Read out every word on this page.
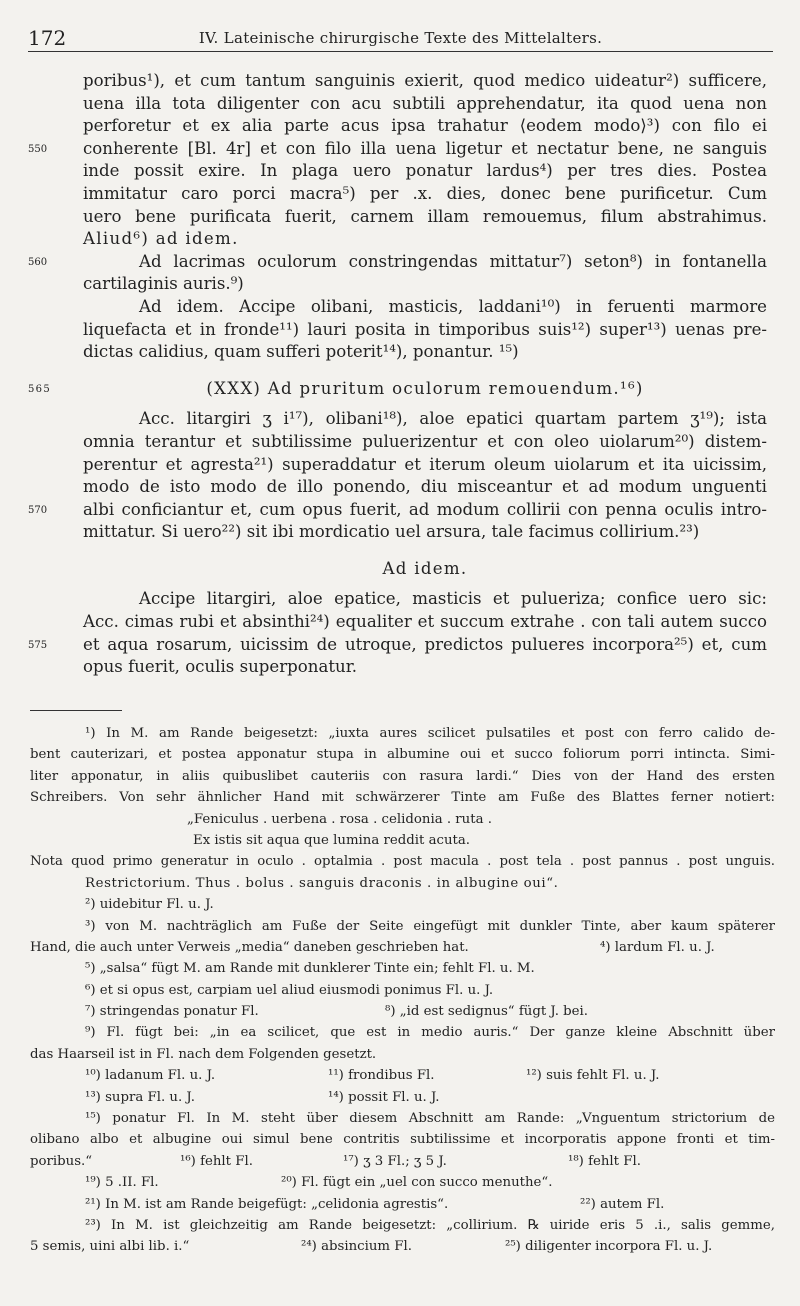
172	IV. Lateinische chirurgische Texte des Mittelalters.
poribus¹), et cum tantum sanguinis exierit, quod medico uideatur²) sufficere,
uena illa tota diligenter con acu subtili apprehendatur, ita quod uena non
perforetur et ex alia parte acus ipsa trahatur ⟨eodem modo⟩³) con filo ei
550 conherente [Bl. 4r] et con filo illa uena ligetur et nectatur bene, ne sanguis
inde possit exire. In plaga uero ponatur lardus⁴) per tres dies. Postea
immitatur caro porci macra⁵) per .x. dies, donec bene purificetur. Cum
uero bene purificata fuerit, carnem illam remouemus, filum abstrahimus.
Aliud⁶) ad idem.
560	Ad lacrimas oculorum constringendas mittatur⁷) seton⁸) in fontanella
cartilaginis auris.⁹)
Ad idem. Accipe olibani, masticis, laddani¹⁰) in feruenti marmore
liquefacta et in fronde¹¹) lauri posita in timporibus suis¹²) super¹³) uenas pre-
dictas calidius, quam sufferi poterit¹⁴), ponantur. ¹⁵)
565	(XXX) Ad pruritum oculorum remouendum.¹⁶)
Acc. litargiri ʒ i¹⁷), olibani¹⁸), aloe epatici quartam partem ʒ¹⁹); ista
omnia terantur et subtilissime puluerizentur et con oleo uiolarum²⁰) distem-
perentur et agresta²¹) superaddatur et iterum oleum uiolarum et ita uicissim,
modo de isto modo de illo ponendo, diu misceantur et ad modum unguenti
570 albi conficiantur et, cum opus fuerit, ad modum collirii con penna oculis intro-
mittatur. Si uero²²) sit ibi mordicatio uel arsura, tale facimus collirium.²³)
Ad idem.
Accipe litargiri, aloe epatice, masticis et pulueriza; confice uero sic:
Acc. cimas rubi et absinthi²⁴) equaliter et succum extrahe . con tali autem succo
575 et aqua rosarum, uicissim de utroque, predictos pulueres incorpora²⁵) et, cum
opus fuerit, oculis superponatur.
¹) In M. am Rande beigesetzt: „iuxta aures scilicet pulsatiles et post con ferro calido de-
bent cauterizari, et postea apponatur stupa in albumine oui et succo foliorum porri intincta. Simi-
liter apponatur, in aliis quibuslibet cauteriis con rasura lardi.“ Dies von der Hand des ersten
Schreibers. Von sehr ähnlicher Hand mit schwärzerer Tinte am Fuße des Blattes ferner notiert:
„Feniculus . uerbena . rosa . celidonia . ruta .
Ex istis sit aqua que lumina reddit acuta.
Nota quod primo generatur in oculo . optalmia . post macula . post tela . post pannus . post unguis.
Restrictorium. Thus . bolus . sanguis draconis . in albugine oui“.
²) uidebitur Fl. u. J.
³) von M. nachträglich am Fuße der Seite eingefügt mit dunkler Tinte, aber kaum späterer
Hand, die auch unter Verweis „media“ daneben geschrieben hat.	⁴) lardum Fl. u. J.
⁵) „salsa“ fügt M. am Rande mit dunklerer Tinte ein; fehlt Fl. u. M.
⁶) et si opus est, carpiam uel aliud eiusmodi ponimus Fl. u. J.
⁷) stringendas ponatur Fl.	⁸) „id est sedignus“ fügt J. bei.
⁹) Fl. fügt bei: „in ea scilicet, que est in medio auris.“ Der ganze kleine Abschnitt über
das Haarseil ist in Fl. nach dem Folgenden gesetzt.
¹⁰) ladanum Fl. u. J.	¹¹) frondibus Fl.	¹²) suis fehlt Fl. u. J.
¹³) supra Fl. u. J.	¹⁴) possit Fl. u. J.
¹⁵) ponatur Fl. In M. steht über diesem Abschnitt am Rande: „Vnguentum strictorium de
olibano albo et albugine oui simul bene contritis subtilissime et incorporatis appone fronti et tim-
poribus.“	¹⁶) fehlt Fl.	¹⁷) ʒ 3 Fl.; ʒ 5 J.	¹⁸) fehlt Fl.
¹⁹) 5 .II. Fl.	²⁰) Fl. fügt ein „uel con succo menuthe“.
²¹) In M. ist am Rande beigefügt: „celidonia agrestis“.	²²) autem Fl.
²³) In M. ist gleichzeitig am Rande beigesetzt: „collirium. ℞ uiride eris 5 .i., salis gemme,
5 semis, uini albi lib. i.“	²⁴) absincium Fl.	²⁵) diligenter incorpora Fl. u. J.
